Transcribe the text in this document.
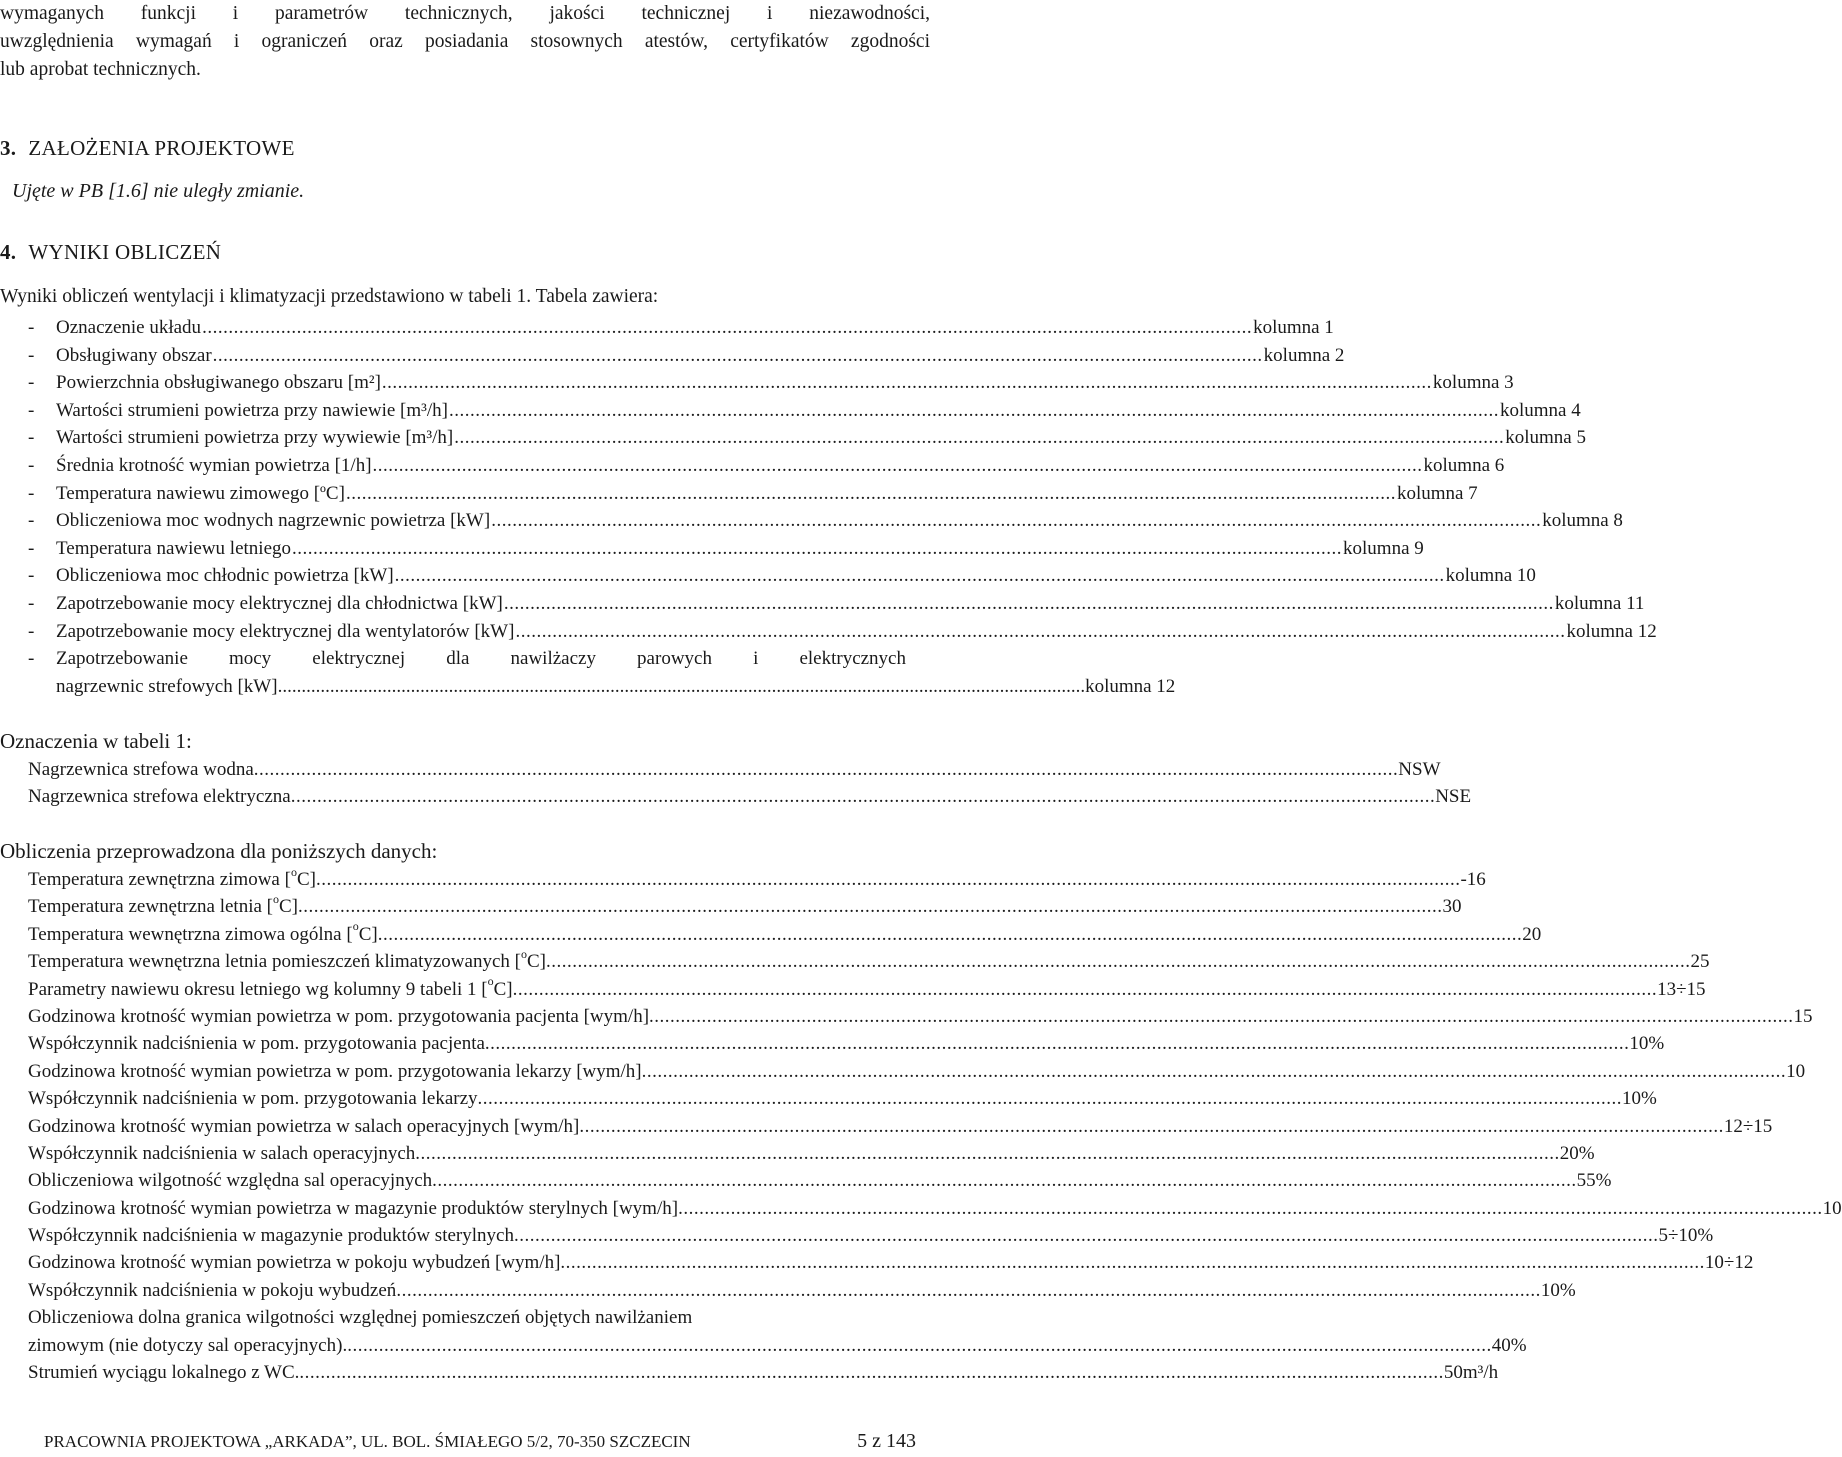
wymaganych funkcji i parametrów technicznych, jakości technicznej i niezawodności,
uwzględnienia wymagań i ograniczeń oraz posiadania stosownych atestów, certyfikatów zgodności
lub aprobat technicznych.
3. ZAŁOŻENIA PROJEKTOWE
Ujęte w PB [1.6] nie uległy zmianie.
4. WYNIKI OBLICZEŃ
Wyniki obliczeń wentylacji i klimatyzacji przedstawiono w tabeli 1. Tabela zawiera:
- Oznaczenie układu .....	kolumna 1
- Obsługiwany obszar .....	kolumna 2
- Powierzchnia obsługiwanego obszaru [m²] .....	kolumna 3
- Wartości strumieni powietrza przy nawiewie [m³/h] .....	kolumna 4
- Wartości strumieni powietrza przy wywiewie [m³/h] .....	kolumna 5
- Średnia krotność wymian powietrza [1/h] .....	kolumna 6
- Temperatura nawiewu zimowego [ºC] .....	kolumna 7
- Obliczeniowa moc wodnych nagrzewnic powietrza [kW] .....	kolumna 8
- Temperatura nawiewu letniego .....	kolumna 9
- Obliczeniowa moc chłodnic powietrza [kW] .....	kolumna 10
- Zapotrzebowanie mocy elektrycznej dla chłodnictwa [kW] .....	kolumna 11
- Zapotrzebowanie mocy elektrycznej dla wentylatorów [kW] .....	kolumna 12
- Zapotrzebowanie mocy elektrycznej dla nawilżaczy parowych i elektrycznych
nagrzewnic strefowych [kW] .......................................................................................................................................................................... kolumna 12
Oznaczenia w tabeli 1:
Nagrzewnica strefowa wodna .....	NSW
Nagrzewnica strefowa elektryczna .....	NSE
Obliczenia przeprowadzona dla poniższych danych:
Temperatura zewnętrzna zimowa [$^o$C] .....	-16
Temperatura zewnętrzna letnia [$^o$C] .....	30
Temperatura wewnętrzna zimowa ogólna [$^o$C] .....	20
Temperatura wewnętrzna letnia pomieszczeń klimatyzowanych [$^o$C] .....	25
Parametry nawiewu okresu letniego wg kolumny 9 tabeli 1 [$^o$C] .....	13÷15
Godzinowa krotność wymian powietrza w pom. przygotowania pacjenta [wym/h] .....	15
Współczynnik nadciśnienia w pom. przygotowania pacjenta .....	10%
Godzinowa krotność wymian powietrza w pom. przygotowania lekarzy [wym/h] .....	10
Współczynnik nadciśnienia w pom. przygotowania lekarzy .....	10%
Godzinowa krotność wymian powietrza w salach operacyjnych [wym/h] .....	12÷15
Współczynnik nadciśnienia w salach operacyjnych .....	20%
Obliczeniowa wilgotność względna sal operacyjnych .....	55%
Godzinowa krotność wymian powietrza w magazynie produktów sterylnych [wym/h] .....	10
Współczynnik nadciśnienia w magazynie produktów sterylnych .....	5÷10%
Godzinowa krotność wymian powietrza w pokoju wybudzeń [wym/h] .....	10÷12
Współczynnik nadciśnienia w pokoju wybudzeń .....	10%
Obliczeniowa dolna granica wilgotności względnej pomieszczeń objętych nawilżaniem
zimowym (nie dotyczy sal operacyjnych). .....	40%
Strumień wyciągu lokalnego z WC. .....	50m³/h
PRACOWNIA PROJEKTOWA „ARKADA”, UL. BOL. ŚMIAŁEGO 5/2, 70-350 SZCZECIN	5 z 143
